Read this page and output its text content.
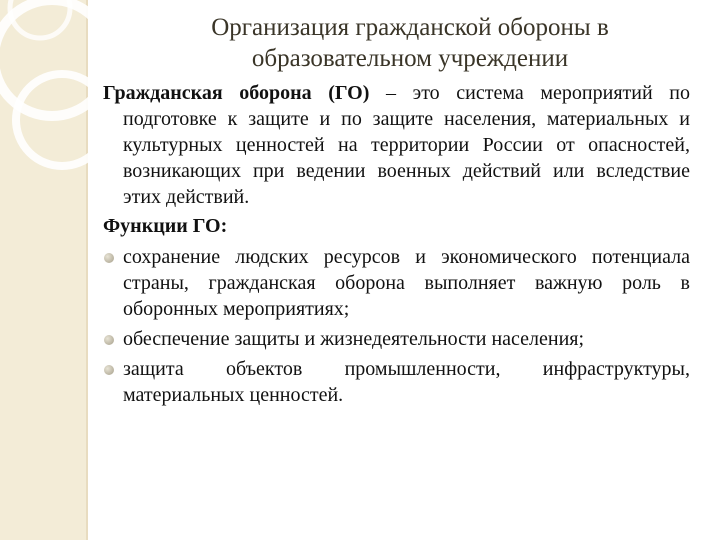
Организация гражданской обороны в
образовательном учреждении

Гражданская оборона (ГО) – это система мероприятий по подготовке к защите и по защите населения, материальных и культурных ценностей на территории России от опасностей, возникающих при ведении военных действий или вследствие этих действий.

Функции ГО:
сохранение людских ресурсов и экономического потенциала страны, гражданская оборона выполняет важную роль в оборонных мероприятиях;
обеспечение защиты и жизнедеятельности населения;
защита объектов промышленности, инфраструктуры, материальных ценностей.
